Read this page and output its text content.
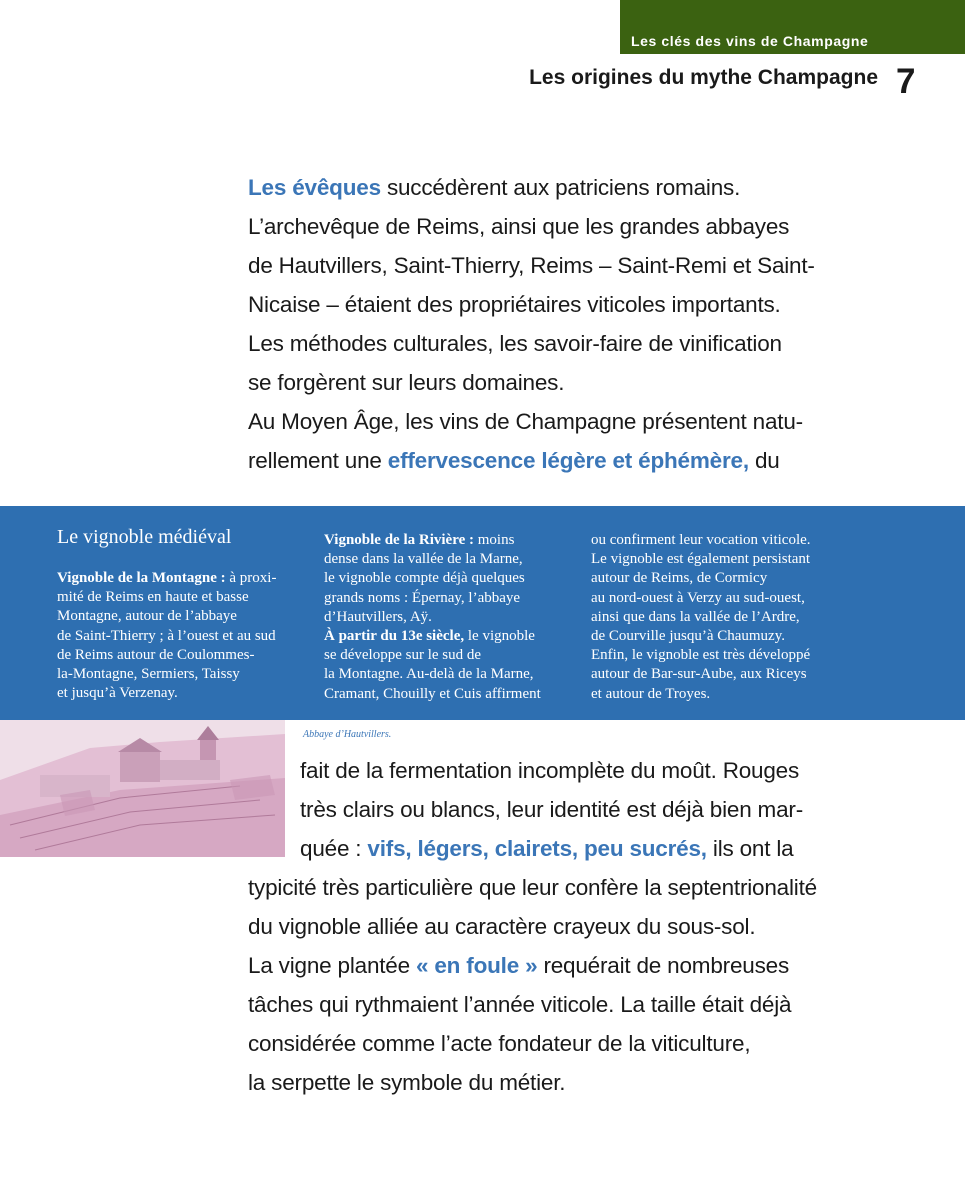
Les clés des vins de Champagne
Les origines du mythe Champagne 7
Les évêques succédèrent aux patriciens romains.
L’archevêque de Reims, ainsi que les grandes abbayes
de Hautvillers, Saint-Thierry, Reims – Saint-Remi et Saint-
Nicaise – étaient des propriétaires viticoles importants.
Les méthodes culturales, les savoir-faire de vinification
se forgèrent sur leurs domaines.
Au Moyen Âge, les vins de Champagne présentent natu-
rellement une effervescence légère et éphémère, du
Le vignoble médiéval
Vignoble de la Montagne : à proxi-
mité de Reims en haute et basse
Montagne, autour de l’abbaye
de Saint-Thierry ; à l’ouest et au sud
de Reims autour de Coulommes-
la-Montagne, Sermiers, Taissy
et jusqu’à Verzenay.
Vignoble de la Rivière : moins
dense dans la vallée de la Marne,
le vignoble compte déjà quelques
grands noms : Épernay, l’abbaye
d’Hautvillers, Aÿ.
À partir du 13e siècle, le vignoble
se développe sur le sud de
la Montagne. Au-delà de la Marne,
Cramant, Chouilly et Cuis affirment
ou confirment leur vocation viticole.
Le vignoble est également persistant
autour de Reims, de Cormicy
au nord-ouest à Verzy au sud-ouest,
ainsi que dans la vallée de l’Ardre,
de Courville jusqu’à Chaumuzy.
Enfin, le vignoble est très développé
autour de Bar-sur-Aube, aux Riceys
et autour de Troyes.
Abbaye d’Hautvillers.
fait de la fermentation incomplète du moût. Rouges
très clairs ou blancs, leur identité est déjà bien mar-
quée : vifs, légers, clairets, peu sucrés, ils ont la
typicité très particulière que leur confère la septentrionalité
du vignoble alliée au caractère crayeux du sous-sol.
La vigne plantée « en foule » requérait de nombreuses
tâches qui rythmaient l’année viticole. La taille était déjà
considérée comme l’acte fondateur de la viticulture,
la serpette le symbole du métier.
